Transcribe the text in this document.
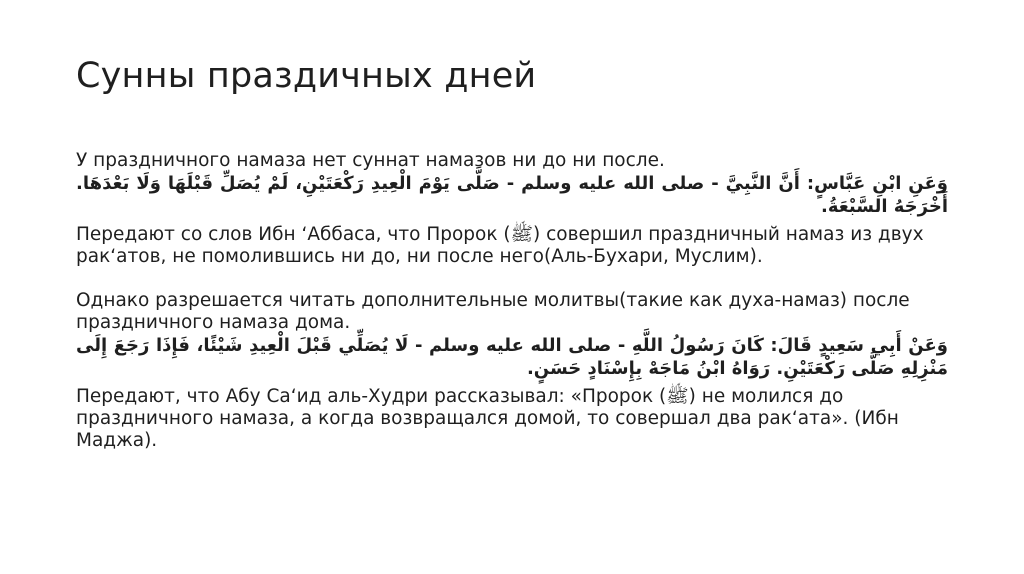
Сунны праздичных дней

У праздничного намаза нет суннат намазов ни до ни после.

وَعَنِ ابْنِ عَبَّاسٍ: أَنَّ النَّبِيَّ - صلى الله عليه وسلم - صَلَّى يَوْمَ الْعِيدِ رَكْعَتَيْنِ، لَمْ يُصَلِّ قَبْلَهَا وَلَا بَعْدَهَا. أَخْرَجَهُ السَّبْعَةُ.

Передают со слов Ибн ‘Аббаса, что Пророк (ﷺ) совершил праздничный намаз из двух рак‘атов, не помолившись ни до, ни после него(Аль-Бухари, Муслим).

Однако разрешается читать дополнительные молитвы(такие как духа-намаз) после праздничного намаза дома.

وَعَنْ أَبِي سَعِيدٍ قَالَ: كَانَ رَسُولُ اللَّهِ - صلى الله عليه وسلم - لَا يُصَلِّي قَبْلَ الْعِيدِ شَيْئًا، فَإِذَا رَجَعَ إِلَى مَنْزِلِهِ صَلَّى رَكْعَتَيْنِ. رَوَاهُ ابْنُ مَاجَهْ بِإِسْنَادٍ حَسَنٍ.

Передают, что Абу Са‘ид аль-Худри рассказывал: «Пророк (ﷺ) не молился до праздничного намаза, а когда возвращался домой, то совершал два рак‘ата». (Ибн Маджа).
